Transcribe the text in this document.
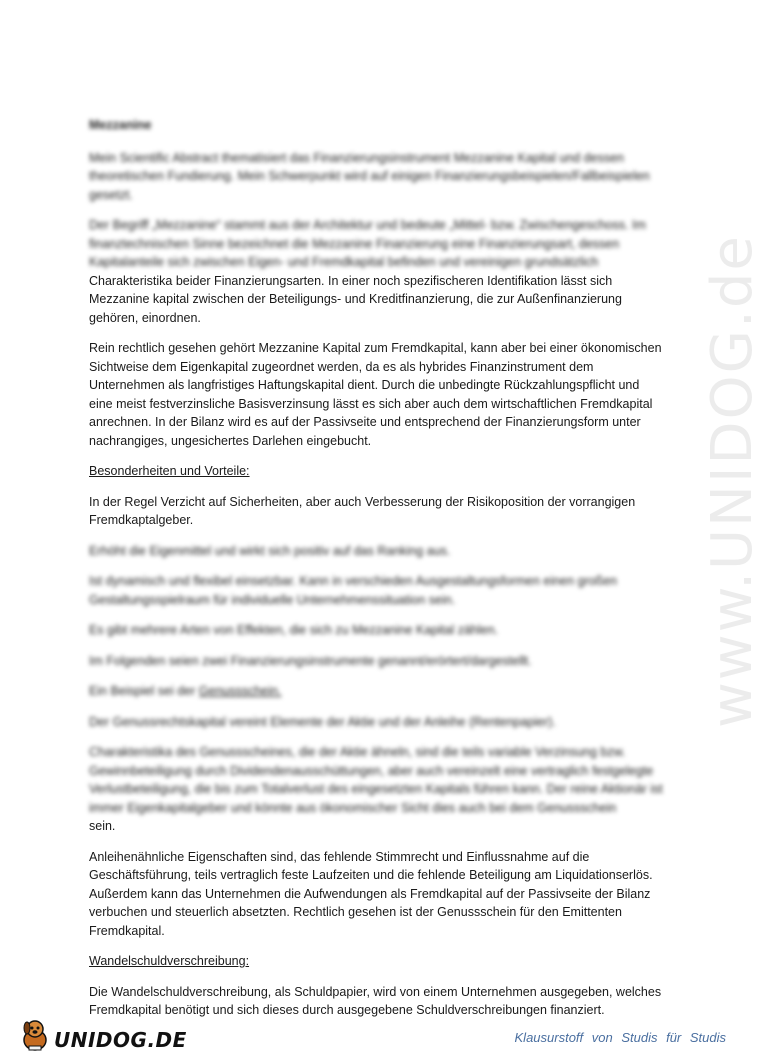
www.UNIDOG.de

Mezzanine

Mein Scientific Abstract thematisiert das Finanzierungsinstrument Mezzanine Kapital und dessen theoretischen Fundierung. Mein Schwerpunkt wird auf einigen Finanzierungsbeispielen/Fallbeispielen gesetzt.

Der Begriff „Mezzanine“ stammt aus der Architektur und bedeute „Mittel- bzw. Zwischengeschoss. Im finanztechnischen Sinne bezeichnet die Mezzanine Finanzierung eine Finanzierungsart, dessen Kapitalanteile sich zwischen Eigen- und Fremdkapital befinden und vereinigen grundsätzlich

Charakteristika beider Finanzierungsarten. In einer noch spezifischeren Identifikation lässt sich Mezzanine kapital zwischen der Beteiligungs- und Kreditfinanzierung, die zur Außenfinanzierung gehören, einordnen.

Rein rechtlich gesehen gehört Mezzanine Kapital zum Fremdkapital, kann aber bei einer ökonomischen Sichtweise dem Eigenkapital zugeordnet werden, da es als hybrides Finanzinstrument dem Unternehmen als langfristiges Haftungskapital dient. Durch die unbedingte Rückzahlungspflicht und eine meist festverzinsliche Basisverzinsung lässt es sich aber auch dem wirtschaftlichen Fremdkapital anrechnen. In der Bilanz wird es auf der Passivseite und entsprechend der Finanzierungsform unter nachrangiges, ungesichertes Darlehen eingebucht.

Besonderheiten und Vorteile:

In der Regel Verzicht auf Sicherheiten, aber auch Verbesserung der Risikoposition der vorrangigen Fremdkaptalgeber.

Erhöht die Eigenmittel und wirkt sich positiv auf das Ranking aus.

Ist dynamisch und flexibel einsetzbar. Kann in verschieden Ausgestaltungsformen einen großen Gestaltungsspielraum für individuelle Unternehmenssituation sein.

Es gibt mehrere Arten von Effekten, die sich zu Mezzanine Kapital zählen.

Im Folgenden seien zwei Finanzierungsinstrumente genannt/erörtert/dargestellt.

Ein Beispiel sei der Genussschein.

Der Genussrechtskapital vereint Elemente der Aktie und der Anleihe (Rentenpapier).

Charakteristika des Genussscheines, die der Aktie ähneln, sind die teils variable Verzinsung bzw. Gewinnbeteiligung durch Dividendenausschüttungen, aber auch vereinzelt eine vertraglich festgelegte Verlustbeteiligung, die bis zum Totalverlust des eingesetzten Kapitals führen kann. Der reine Aktionär ist immer Eigenkapitalgeber und könnte aus ökonomischer Sicht dies auch bei dem Genussschein

sein.

Anleihenähnliche Eigenschaften sind, das fehlende Stimmrecht und Einflussnahme auf die Geschäftsführung, teils vertraglich feste Laufzeiten und die fehlende Beteiligung am Liquidationserlös. Außerdem kann das Unternehmen die Aufwendungen als Fremdkapital auf der Passivseite der Bilanz verbuchen und steuerlich absetzten. Rechtlich gesehen ist der Genussschein für den Emittenten Fremdkapital.

Wandelschuldverschreibung:

Die Wandelschuldverschreibung, als Schuldpapier, wird von einem Unternehmen ausgegeben, welches Fremdkapital benötigt und sich dieses durch ausgegebene Schuldverschreibungen finanziert.

UNIDOG.DE	Klausurstoff von Studis für Studis
